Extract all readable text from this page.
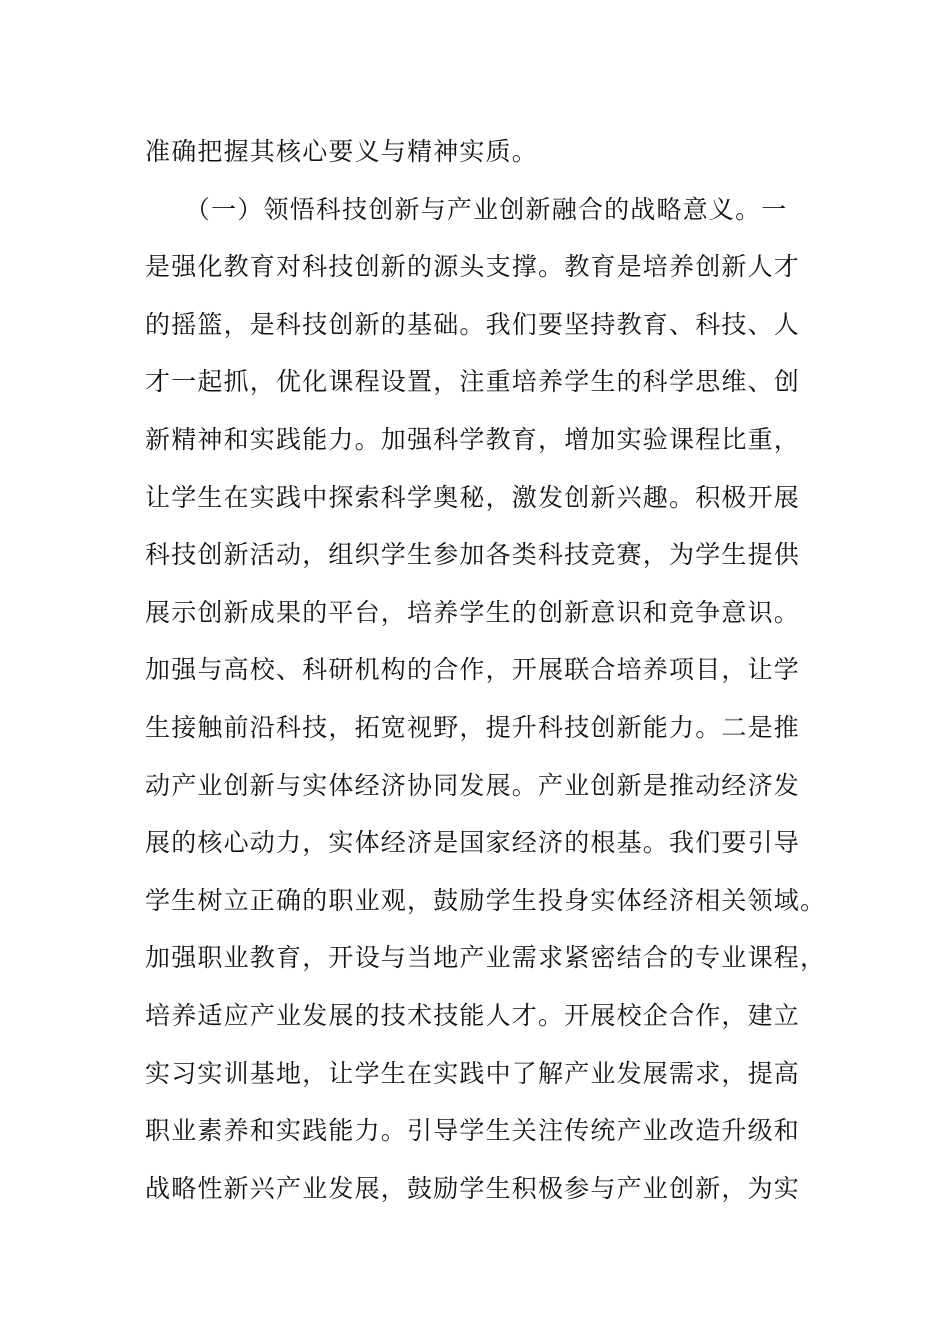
准确把握其核心要义与精神实质。
　　（一）领悟科技创新与产业创新融合的战略意义。一
是强化教育对科技创新的源头支撑。教育是培养创新人才
的摇篮，是科技创新的基础。我们要坚持教育、科技、人
才一起抓，优化课程设置，注重培养学生的科学思维、创
新精神和实践能力。加强科学教育，增加实验课程比重，
让学生在实践中探索科学奥秘，激发创新兴趣。积极开展
科技创新活动，组织学生参加各类科技竞赛，为学生提供
展示创新成果的平台，培养学生的创新意识和竞争意识。
加强与高校、科研机构的合作，开展联合培养项目，让学
生接触前沿科技，拓宽视野，提升科技创新能力。二是推
动产业创新与实体经济协同发展。产业创新是推动经济发
展的核心动力，实体经济是国家经济的根基。我们要引导
学生树立正确的职业观，鼓励学生投身实体经济相关领域。
加强职业教育，开设与当地产业需求紧密结合的专业课程，
培养适应产业发展的技术技能人才。开展校企合作，建立
实习实训基地，让学生在实践中了解产业发展需求，提高
职业素养和实践能力。引导学生关注传统产业改造升级和
战略性新兴产业发展，鼓励学生积极参与产业创新，为实
